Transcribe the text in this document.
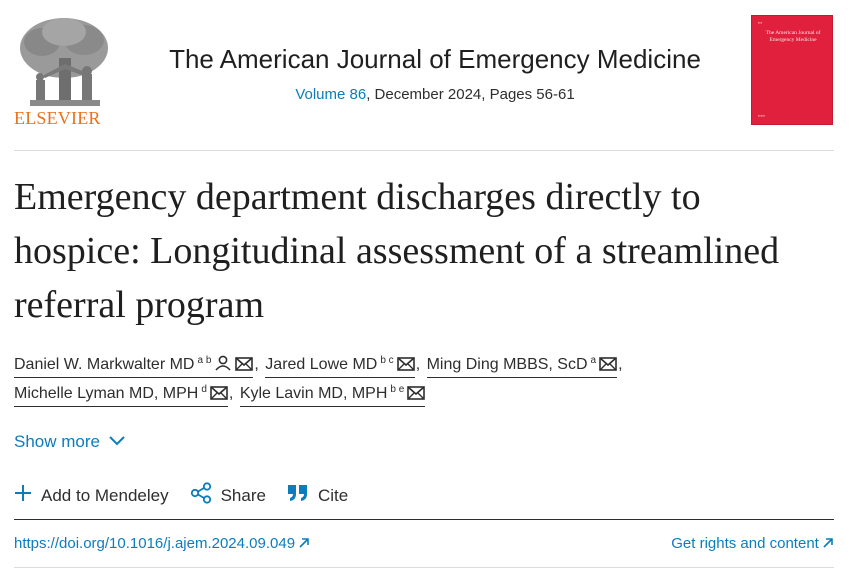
ELSEVIER
The American Journal of Emergency Medicine
Volume 86, December 2024, Pages 56-61
▪▪▪
The American Journal of Emergency Medicine
▪▪▪▪▪
Emergency department discharges directly to hospice: Longitudinal assessment of a streamlined referral program
Daniel W. Markwalter MD $^{a b}$	, Jared Lowe MD $^{b c}$ , Ming Ding MBBS, ScD $^a$ ,
Michelle Lyman MD, MPH $^d$ , Kyle Lavin MD, MPH $^{b e}$
Show more
Add to Mendeley	Share	Cite
https://doi.org/10.1016/j.ajem.2024.09.049	Get rights and content
